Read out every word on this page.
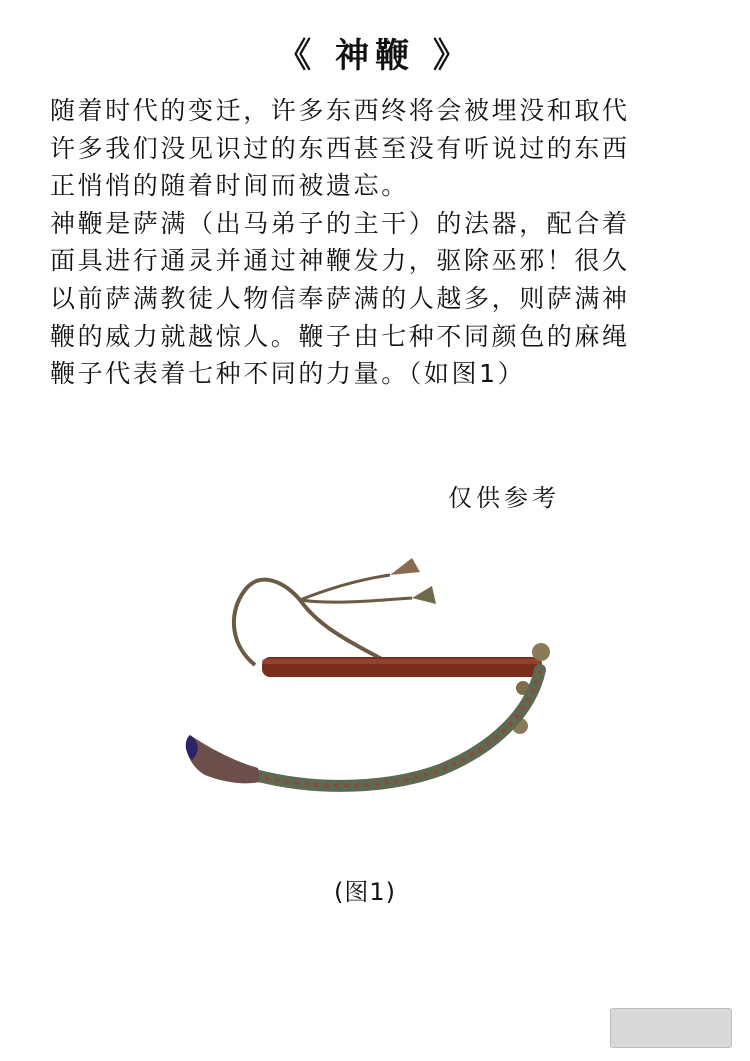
《 神鞭 》
随着时代的变迁，许多东西终将会被埋没和取代
许多我们没见识过的东西甚至没有听说过的东西
正悄悄的随着时间而被遗忘。
神鞭是萨满（出马弟子的主干）的法器，配合着
面具进行通灵并通过神鞭发力，驱除巫邪！很久
以前萨满教徒人物信奉萨满的人越多，则萨满神
鞭的威力就越惊人。鞭子由七种不同颜色的麻绳
鞭子代表着七种不同的力量。（如图1）
仅供参考
(图1)
